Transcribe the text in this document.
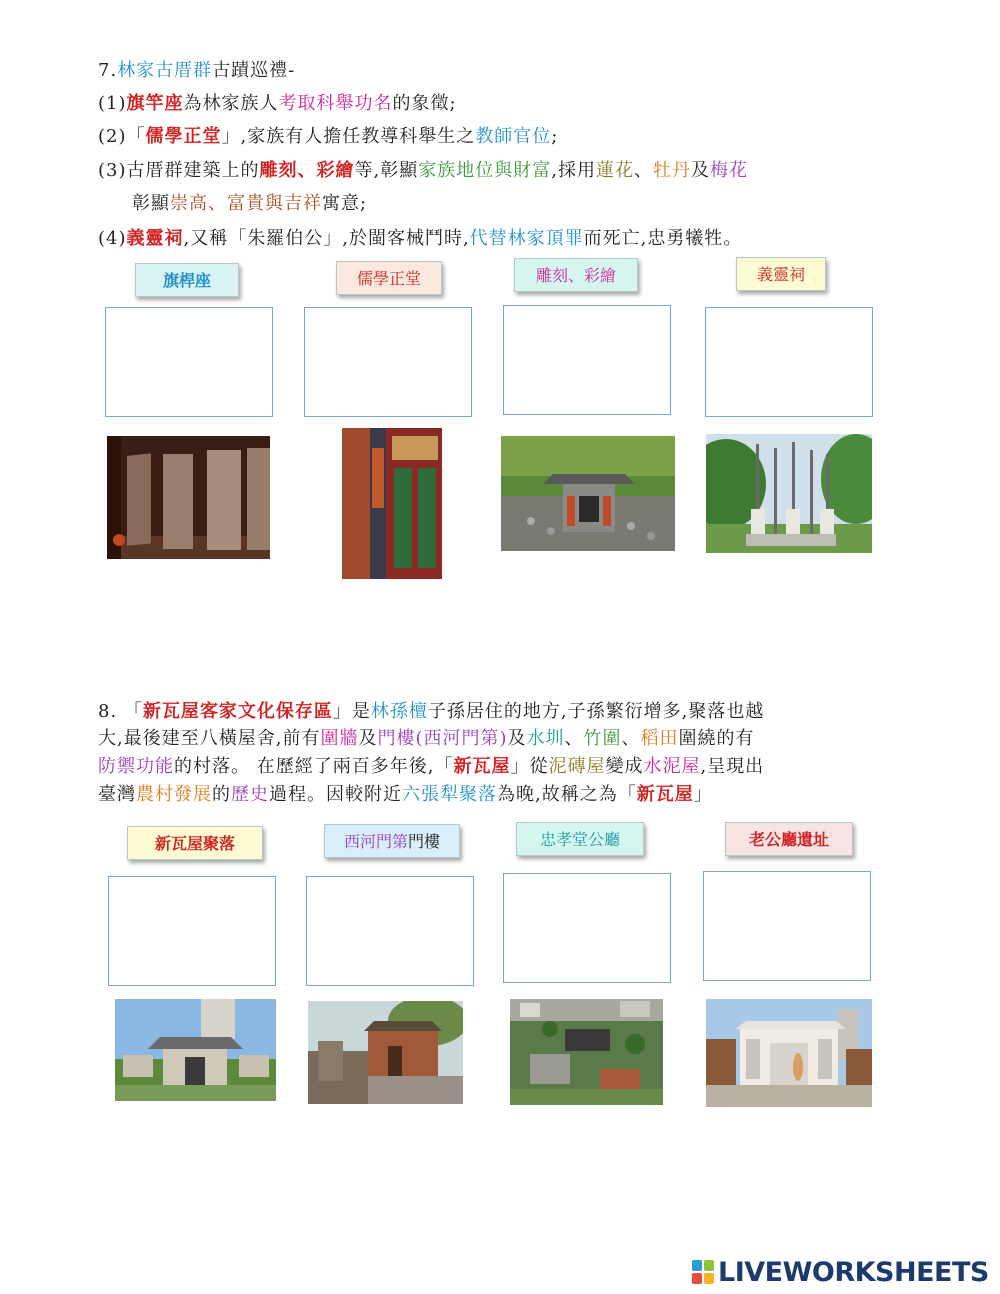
7.林家古厝群古蹟巡禮-
(1)旗竿座為林家族人考取科舉功名的象徵;
(2)「儒學正堂」,家族有人擔任教導科舉生之教師官位;
(3)古厝群建築上的雕刻、彩繪等,彰顯家族地位與財富,採用蓮花、牡丹及梅花
彰顯崇高、富貴與吉祥寓意;
(4)義靈祠,又稱「朱羅伯公」,於閩客械鬥時,代替林家頂罪而死亡,忠勇犧牲。
旗桿座	儒學正堂	雕刻、彩繪	義靈祠
8. 「新瓦屋客家文化保存區」是林孫檀子孫居住的地方,子孫繁衍增多,聚落也越
大,最後建至八橫屋舍,前有圍牆及門樓(西河門第)及水圳、竹圍、稻田圍繞的有
防禦功能的村落。 在歷經了兩百多年後,「新瓦屋」從泥磚屋變成水泥屋,呈現出
臺灣農村發展的歷史過程。因較附近六張犁聚落為晚,故稱之為「新瓦屋」
新瓦屋聚落	西河門第門樓	忠孝堂公廳	老公廳遺址
LIVEWORKSHEETS
